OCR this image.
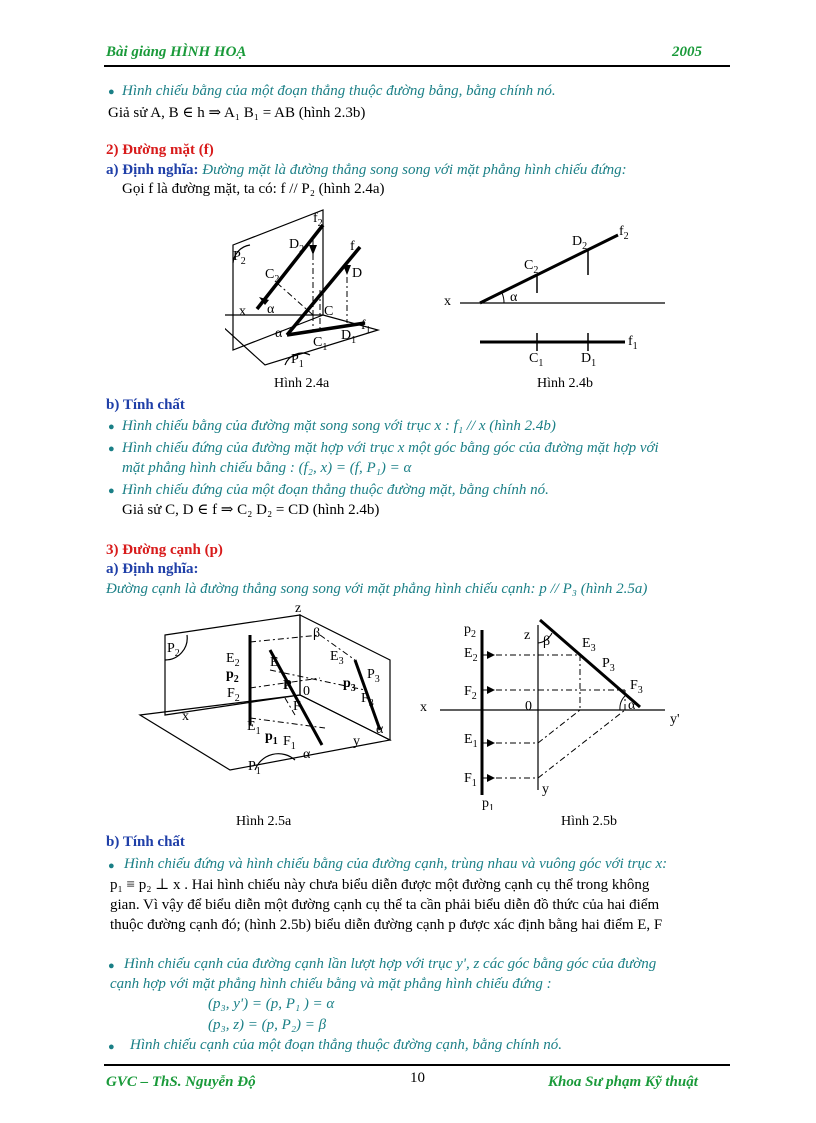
Bài giảng HÌNH HOẠ	2005
● Hình chiếu bằng của một đoạn thẳng thuộc đường bằng, bằng chính nó.
Giả sử A, B ∈ h ⇒ A₁ B₁ = AB (hình 2.3b)
2) Đường mặt (f)
a) Định nghĩa: Đường mặt là đường thẳng song song với mặt phẳng hình chiếu đứng:
Gọi f là đường mặt, ta có: f // P₂ (hình 2.4a)
$f_2$
$D_2$
$C_2$
f
D
x α	C
α
$f_1$
$D_1$
$C_1$
$P_2$
$P_1$
x	α
$C_2$
$D_2$
$f_2$
$f_1$
$C_1$	$D_1$
Hình 2.4a	Hình 2.4b
b) Tính chất
● Hình chiếu bằng của đường mặt song song với trục x : f₁ // x (hình 2.4b)
● Hình chiếu đứng của đường mặt hợp với trục x một góc bằng góc của đường mặt hợp với
mặt phẳng hình chiếu bằng : (f₂, x) = (f, P₁) = α
● Hình chiếu đứng của một đoạn thẳng thuộc đường mặt, bằng chính nó.
Giả sử C, D ∈ f ⇒ C₂ D₂ = CD (hình 2.4b)
3) Đường cạnh (p)
a) Định nghĩa:
Đường cạnh là đường thẳng song song với mặt phẳng hình chiếu cạnh: p // P₃ (hình 2.5a)
z
β
$P_2$	$E_2$
$p_2$
E
$F_2$
P
x
0
$E_3$
$P_3$
$p_3$
$F_3$
F
$E_1$ $p_1$ $F_1$
α
α
y
$P_1$
$p_2$	z β $E_3$
$E_2$	$P_3$
$F_2$
$F_3$
x	0	α
y'
$E_1$
$F_1$	y
$p_1$
Hình 2.5a	Hình 2.5b
b) Tính chất
● Hình chiếu đứng và hình chiếu bằng của đường cạnh, trùng nhau và vuông góc với trục x:
p₁ ≡ p₂ ⊥ x . Hai hình chiếu này chưa biểu diễn được một đường cạnh cụ thể trong không
gian. Vì vậy để biểu diễn một đường cạnh cụ thể ta cần phải biểu diễn đồ thức của hai điểm
thuộc đường cạnh đó; (hình 2.5b) biểu diễn đường cạnh p được xác định bằng hai điểm E, F
● Hình chiếu cạnh của đường cạnh lần lượt hợp với trục y', z các góc bằng góc của đường
cạnh hợp với mặt phẳng hình chiếu bằng và mặt phẳng hình chiếu đứng :
(p₃, y') = (p, P₁ ) = α
(p₃, z) = (p, P₂) = β
● Hình chiếu cạnh của một đoạn thẳng thuộc đường cạnh, bằng chính nó.
GVC – ThS. Nguyễn Độ	10	Khoa Sư phạm Kỹ thuật
